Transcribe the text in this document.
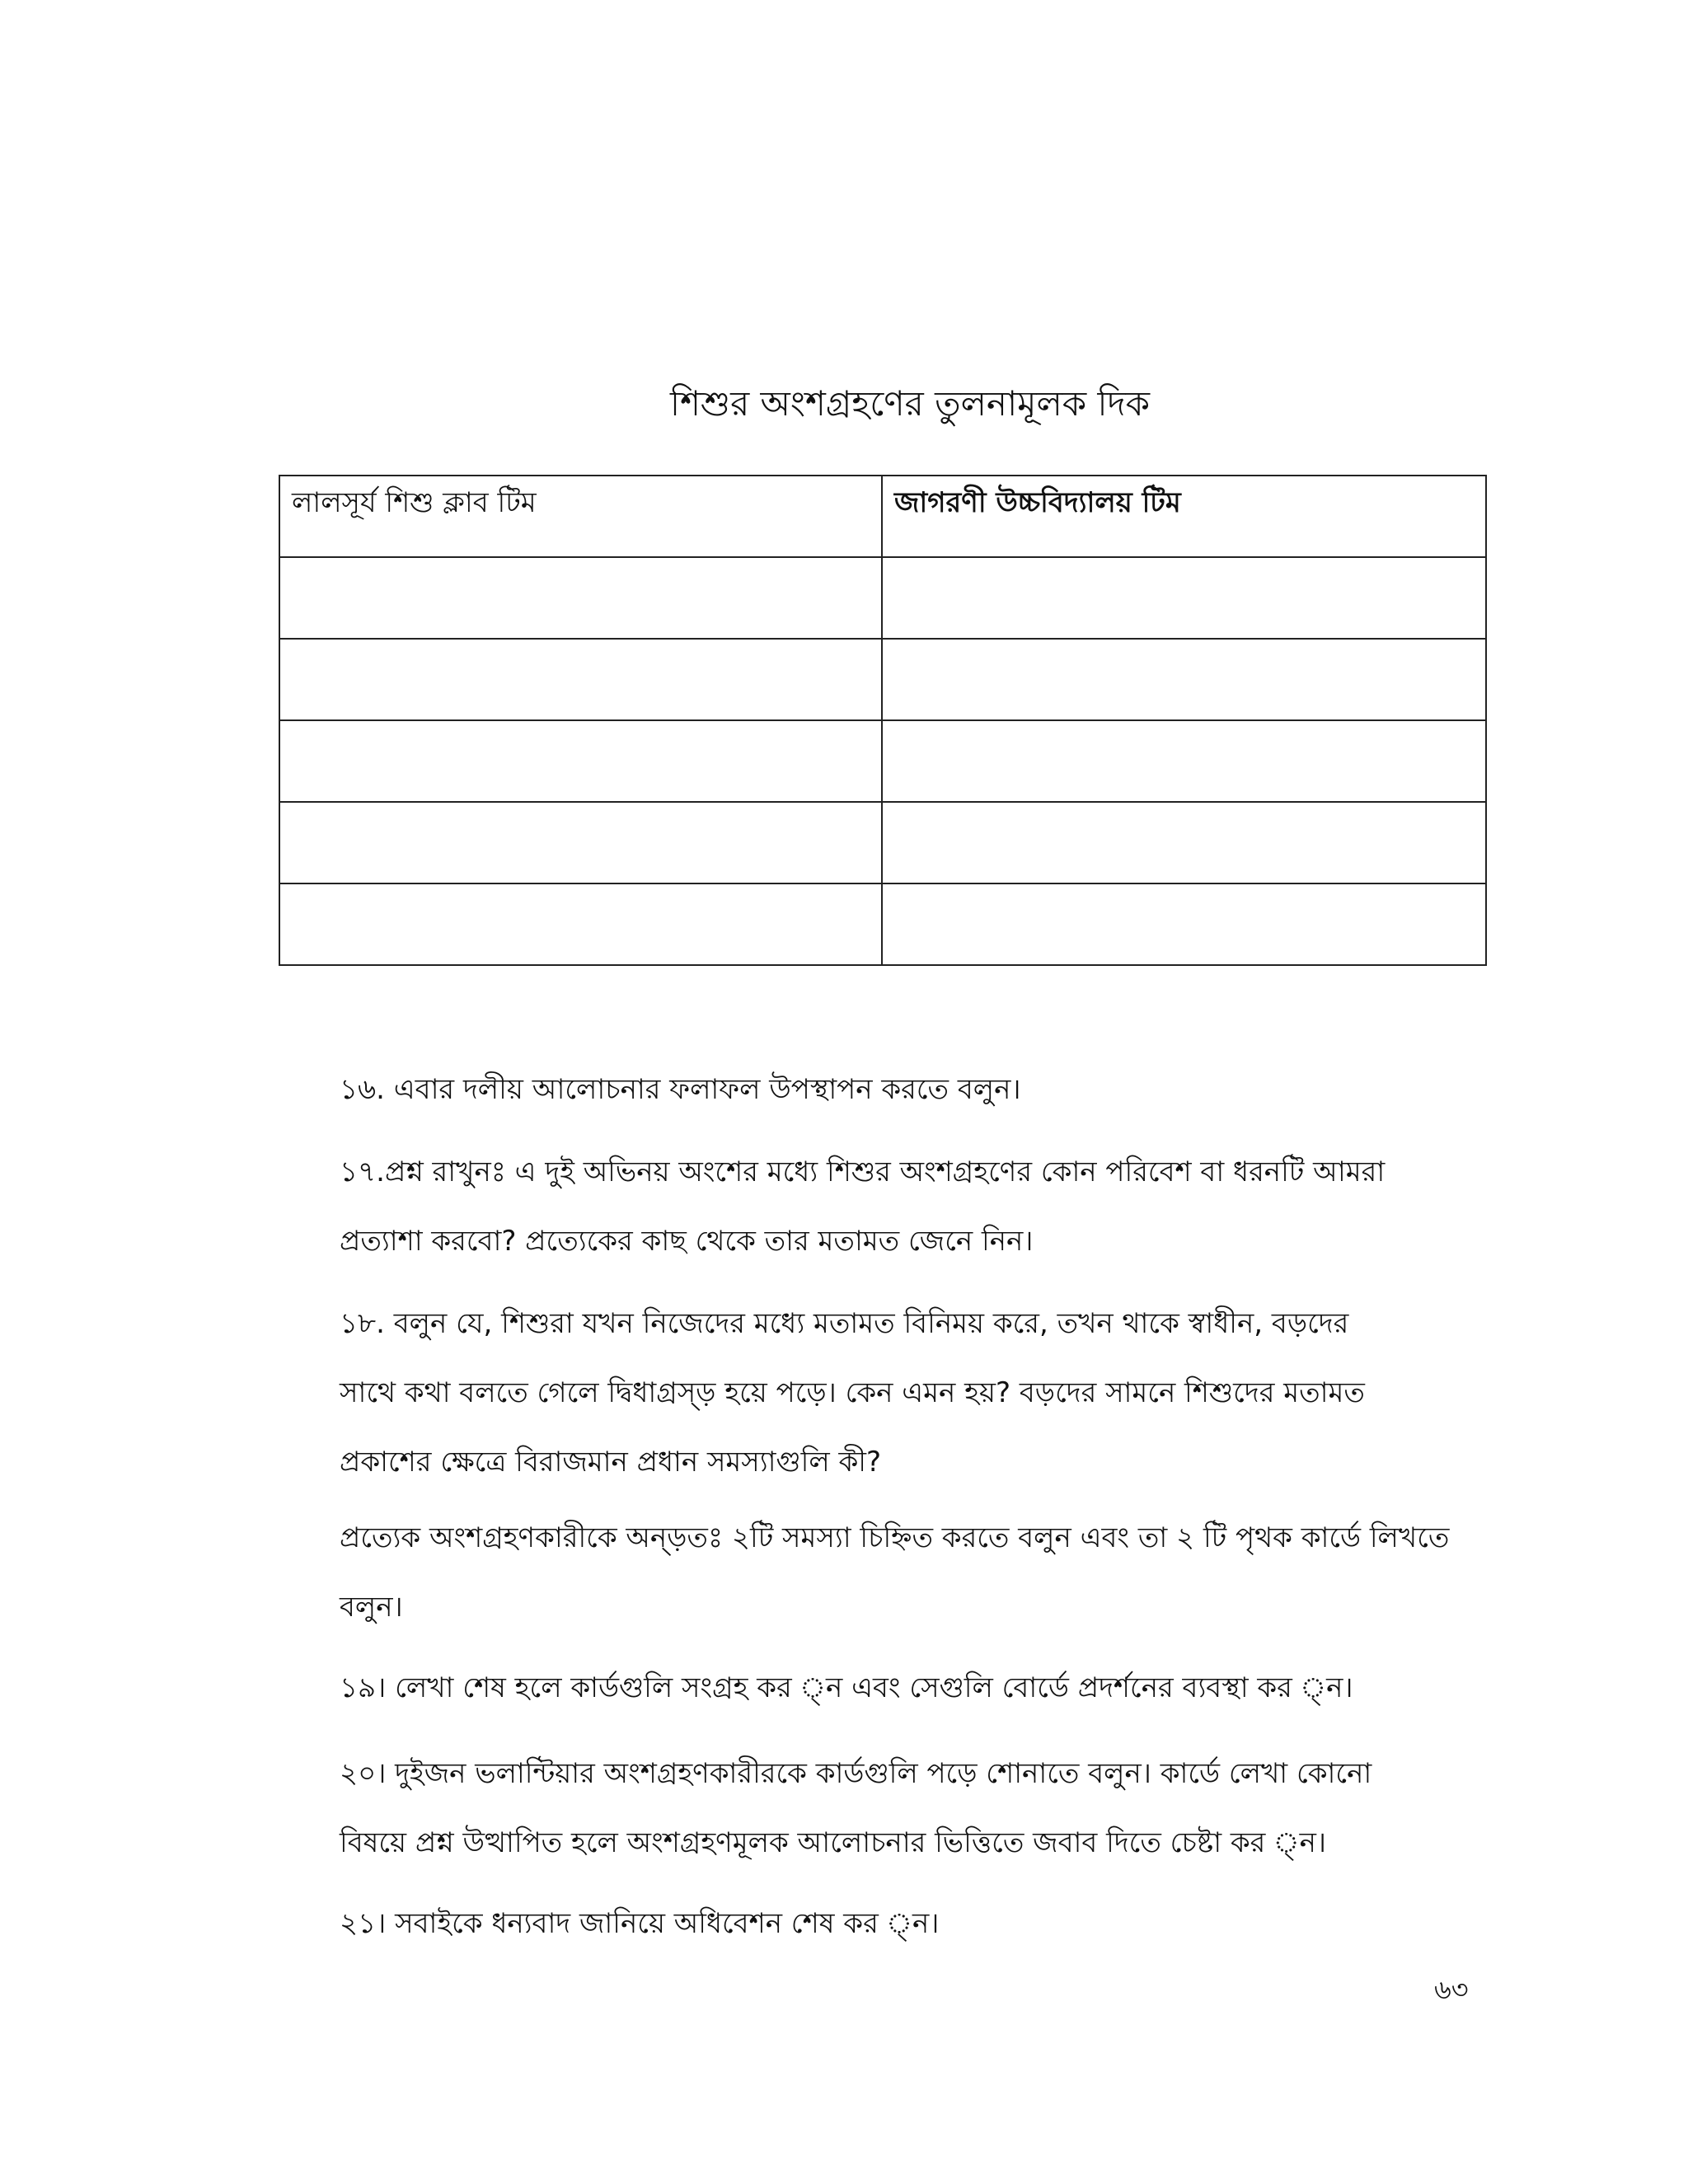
শিশুর অংশগ্রহণের তুলনামূলক দিক
লালসূর্য শিশু ক্লাব টিম	জাগরণী উচ্চবিদ্যালয় টিম

১৬. এবার দলীয় আলোচনার ফলাফল উপস্থাপন করতে বলুন।
১৭.প্রশ্ন রাখুনঃ এ দুই অভিনয় অংশের মধ্যে শিশুর অংশগ্রহণের কোন পরিবেশ বা ধরনটি আমরা
প্রত্যাশা করবো? প্রত্যেকের কাছ থেকে তার মতামত জেনে নিন।
১৮. বলুন যে, শিশুরা যখন নিজেদের মধ্যে মতামত বিনিময় করে, তখন থাকে স্বাধীন, বড়দের
সাথে কথা বলতে গেলে দ্বিধাগ্রস্ড় হয়ে পড়ে। কেন এমন হয়? বড়দের সামনে শিশুদের মতামত
প্রকাশের ক্ষেত্রে বিরাজমান প্রধান সমস্যাগুলি কী?
প্রত্যেক অংশগ্রহণকারীকে অন্ড়তঃ ২টি সমস্যা চিহ্নিত করতে বলুন এবং তা ২ টি পৃথক কার্ডে লিখতে
বলুন।
১৯। লেখা শেষ হলে কার্ডগুলি সংগ্রহ কর ্ন এবং সেগুলি বোর্ডে প্রদর্শনের ব্যবস্থা কর ্ন।
২০। দুইজন ভলান্টিয়ার অংশগ্রহণকারীরকে কার্ডগুলি পড়ে শোনাতে বলুন। কার্ডে লেখা কোনো
বিষয়ে প্রশ্ন উত্থাপিত হলে অংশগ্রহণমূলক আলোচনার ভিত্তিতে জবাব দিতে চেষ্টা কর ্ন।
২১। সবাইকে ধন্যবাদ জানিয়ে অধিবেশন শেষ কর ্ন।
৬৩
